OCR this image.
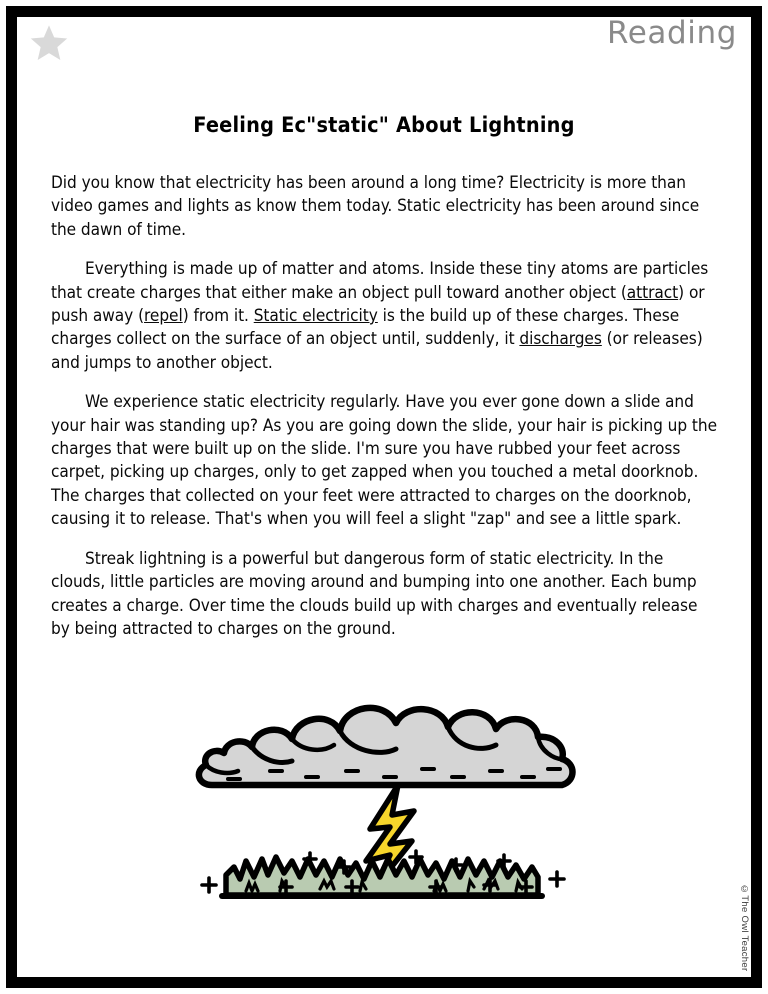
Reading
Feeling Ec"static" About Lightning

Did you know that electricity has been around a long time? Electricity is more than video games and lights as know them today. Static electricity has been around since the dawn of time.

Everything is made up of matter and atoms. Inside these tiny atoms are particles that create charges that either make an object pull toward another object (attract) or push away (repel) from it. Static electricity is the build up of these charges. These charges collect on the surface of an object until, suddenly, it discharges (or releases) and jumps to another object.

We experience static electricity regularly. Have you ever gone down a slide and your hair was standing up? As you are going down the slide, your hair is picking up the charges that were built up on the slide. I'm sure you have rubbed your feet across carpet, picking up charges, only to get zapped when you touched a metal doorknob. The charges that collected on your feet were attracted to charges on the doorknob, causing it to release. That's when you will feel a slight "zap" and see a little spark.

Streak lightning is a powerful but dangerous form of static electricity. In the clouds, little particles are moving around and bumping into one another. Each bump creates a charge. Over time the clouds build up with charges and eventually release by being attracted to charges on the ground.

©The Owl Teacher
